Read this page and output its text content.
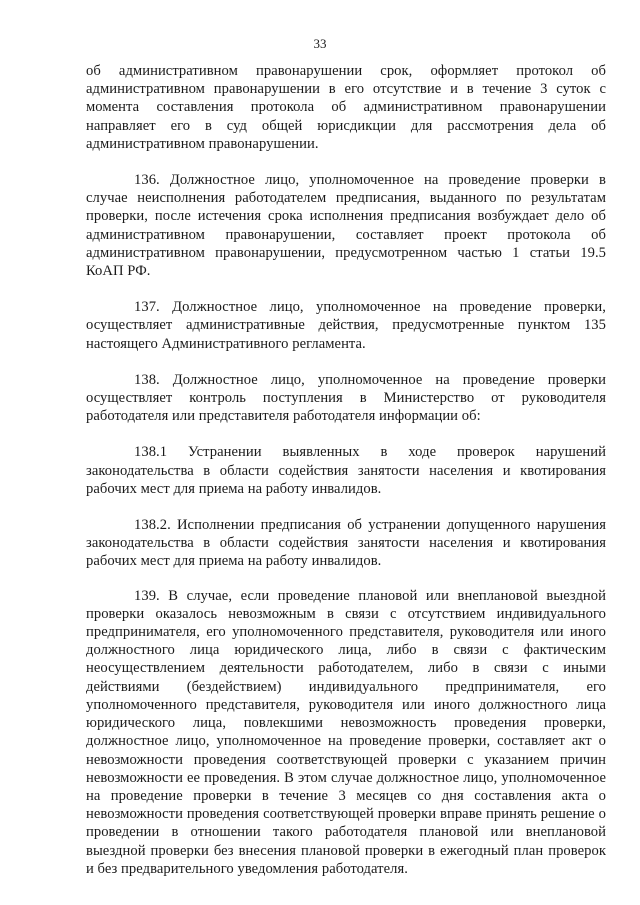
33

об административном правонарушении срок, оформляет протокол об административном правонарушении в его отсутствие и в течение 3 суток с момента составления протокола об административном правонарушении направляет его в суд общей юрисдикции для рассмотрения дела об административном правонарушении.

136. Должностное лицо, уполномоченное на проведение проверки в случае неисполнения работодателем предписания, выданного по результатам проверки, после истечения срока исполнения предписания возбуждает дело об административном правонарушении, составляет проект протокола об административном правонарушении, предусмотренном частью 1 статьи 19.5 КоАП РФ.

137. Должностное лицо, уполномоченное на проведение проверки, осуществляет административные действия, предусмотренные пунктом 135 настоящего Административного регламента.

138. Должностное лицо, уполномоченное на проведение проверки осуществляет контроль поступления в Министерство от руководителя работодателя или представителя работодателя информации об:

138.1 Устранении выявленных в ходе проверок нарушений законодательства в области содействия занятости населения и квотирования рабочих мест для приема на работу инвалидов.

138.2. Исполнении предписания об устранении допущенного нарушения законодательства в области содействия занятости населения и квотирования рабочих мест для приема на работу инвалидов.

139. В случае, если проведение плановой или внеплановой выездной проверки оказалось невозможным в связи с отсутствием индивидуального предпринимателя, его уполномоченного представителя, руководителя или иного должностного лица юридического лица, либо в связи с фактическим неосуществлением деятельности работодателем, либо в связи с иными действиями (бездействием) индивидуального предпринимателя, его уполномоченного представителя, руководителя или иного должностного лица юридического лица, повлекшими невозможность проведения проверки, должностное лицо, уполномоченное на проведение проверки, составляет акт о невозможности проведения соответствующей проверки с указанием причин невозможности ее проведения. В этом случае должностное лицо, уполномоченное на проведение проверки в течение 3 месяцев со дня составления акта о невозможности проведения соответствующей проверки вправе принять решение о проведении в отношении такого работодателя плановой или внеплановой выездной проверки без внесения плановой проверки в ежегодный план проверок и без предварительного уведомления работодателя.
